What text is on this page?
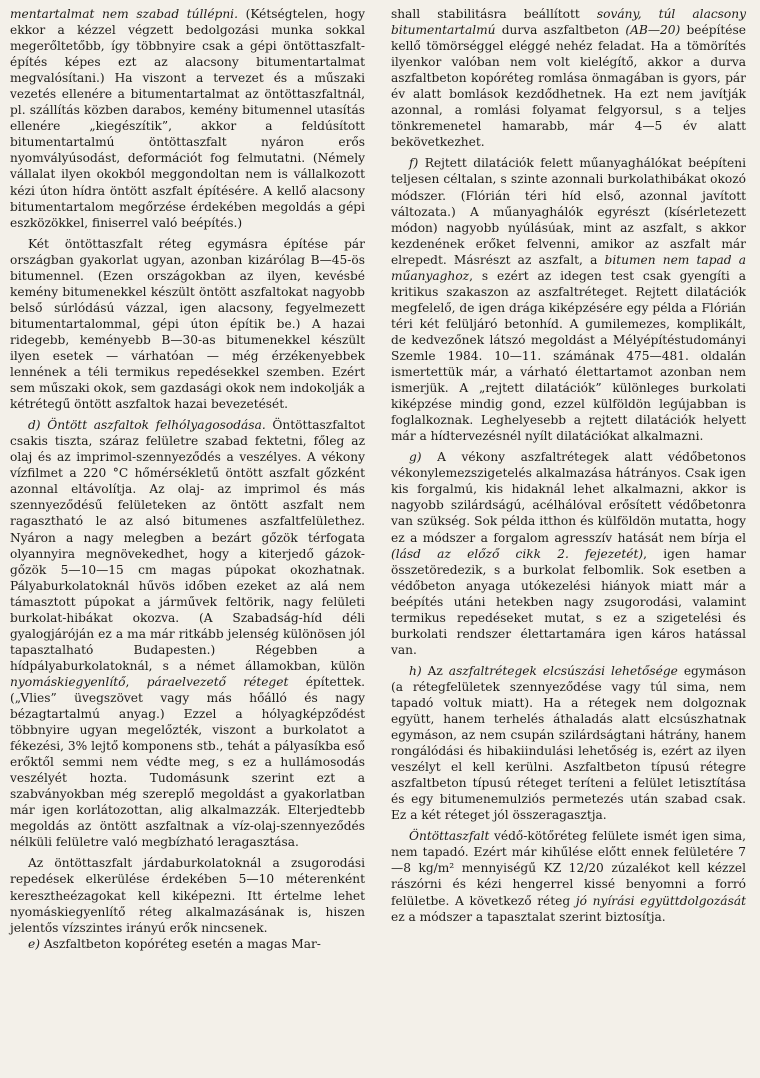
mentartalmat nem szabad túllépni. (Kétségtelen, hogy ekkor a kézzel végzett bedolgozási munka sokkal megerőltetőbb, így többnyire csak a gépi öntöttaszfalt-építés képes ezt az alacsony bitumentartalmat megvalósítani.) Ha viszont a tervezet és a műszaki vezetés ellenére a bitumentartalmat az öntöttaszfaltnál, pl. szállítás közben darabos, kemény bitumennel utasítás ellenére „kiegészítik”, akkor a feldúsított bitumentartalmú öntöttaszfalt nyáron erős nyomvályúsodást, deformációt fog felmutatni. (Némely vállalat ilyen okokból meggondoltan nem is vállalkozott kézi úton hídra öntött aszfalt építésére. A kellő alacsony bitumentartalom megőrzése érdekében megoldás a gépi eszközökkel, finiserrel való beépítés.)

Két öntöttaszfalt réteg egymásra építése pár országban gyakorlat ugyan, azonban kizárólag B—45-ös bitumennel. (Ezen országokban az ilyen, kevésbé kemény bitumenekkel készült öntött aszfaltokat nagyobb belső súrlódású vázzal, igen alacsony, fegyelmezett bitumentartalommal, gépi úton építik be.) A hazai ridegebb, keményebb B—30-as bitumenekkel készült ilyen esetek — várhatóan — még érzékenyebbek lennének a téli termikus repedésekkel szemben. Ezért sem műszaki okok, sem gazdasági okok nem indokolják a kétrétegű öntött aszfaltok hazai bevezetését.

d) Öntött aszfaltok felhólyagosodása. Öntöttaszfaltot csakis tiszta, száraz felületre szabad fektetni, főleg az olaj és az imprimol-szennyeződés a veszélyes. A vékony vízfilmet a 220 °C hőmérsékletű öntött aszfalt gőzként azonnal eltávolítja. Az olaj- az imprimol és más szennyeződésű felületeken az öntött aszfalt nem ragasztható le az alsó bitumenes aszfaltfelülethez. Nyáron a nagy melegben a bezárt gőzök térfogata olyannyira megnövekedhet, hogy a kiterjedő gázok-gőzök 5—10—15 cm magas púpokat okozhatnak. Pályaburkolatoknál hűvös időben ezeket az alá nem támasztott púpokat a járművek feltörik, nagy felületi burkolat-hibákat okozva. (A Szabadság-híd déli gyalogjáróján ez a ma már ritkább jelenség különösen jól tapasztalható Budapesten.) Régebben a hídpályaburkolatoknál, s a német államokban, külön nyomáskiegyenlítő, páraelvezető réteget építettek. („Vlies” üvegszövet vagy más hőálló és nagy bézagtartalmú anyag.) Ezzel a hólyagképződést többnyire ugyan megelőzték, viszont a burkolatot a fékezési, 3% lejtő komponens stb., tehát a pályasíkba eső erőktől semmi nem védte meg, s ez a hullámosodás veszélyét hozta. Tudomásunk szerint ezt a szabványokban még szereplő megoldást a gyakorlatban már igen korlátozottan, alig alkalmazzák. Elterjedtebb megoldás az öntött aszfaltnak a víz-olaj-szennyeződés nélküli felületre való megbízható leragasztása.

Az öntöttaszfalt járdaburkolatoknál a zsugorodási repedések elkerülése érdekében 5—10 méterenként keresztheézagokat kell kiképezni. Itt értelme lehet nyomáskiegyenlítő réteg alkalmazásának is, hiszen jelentős vízszintes irányú erők nincsenek.

e) Aszfaltbeton kopóréteg esetén a magas Mar-

shall stabilitásra beállított sovány, túl alacsony bitumentartalmú durva aszfaltbeton (AB—20) beépítése kellő tömörséggel eléggé nehéz feladat. Ha a tömörítés ilyenkor valóban nem volt kielégítő, akkor a durva aszfaltbeton kopóréteg romlása önmagában is gyors, pár év alatt bomlások kezdődhetnek. Ha ezt nem javítják azonnal, a romlási folyamat felgyorsul, s a teljes tönkremenetel hamarabb, már 4—5 év alatt bekövetkezhet.

f) Rejtett dilatációk felett műanyaghálókat beépíteni teljesen céltalan, s szinte azonnali burkolathibákat okozó módszer. (Flórián téri híd első, azonnal javított változata.) A műanyaghálók egyrészt (kísérletezett módon) nagyobb nyúlásúak, mint az aszfalt, s akkor kezdenének erőket felvenni, amikor az aszfalt már elrepedt. Másrészt az aszfalt, a bitumen nem tapad a műanyaghoz, s ezért az idegen test csak gyengíti a kritikus szakaszon az aszfaltréteget. Rejtett dilatációk megfelelő, de igen drága kiképzésére egy példa a Flórián téri két felüljáró betonhíd. A gumilemezes, komplikált, de kedvezőnek látszó megoldást a Mélyépítéstudományi Szemle 1984. 10—11. számának 475—481. oldalán ismertettük már, a várható élettartamot azonban nem ismerjük. A „rejtett dilatációk” különleges burkolati kiképzése mindig gond, ezzel külföldön legújabban is foglalkoznak. Leghelyesebb a rejtett dilatációk helyett már a hídtervezésnél nyílt dilatációkat alkalmazni.

g) A vékony aszfaltrétegek alatt védőbetonos vékonylemezszigetelés alkalmazása hátrányos. Csak igen kis forgalmú, kis hidaknál lehet alkalmazni, akkor is nagyobb szilárdságú, acélhálóval erősített védőbetonra van szükség. Sok példa itthon és külföldön mutatta, hogy ez a módszer a forgalom agresszív hatását nem bírja el (lásd az előző cikk 2. fejezetét), igen hamar összetöredezik, s a burkolat felbomlik. Sok esetben a védőbeton anyaga utókezelési hiányok miatt már a beépítés utáni hetekben nagy zsugorodási, valamint termikus repedéseket mutat, s ez a szigetelési és burkolati rendszer élettartamára igen káros hatással van.

h) Az aszfaltrétegek elcsúszási lehetősége egymáson (a rétegfelületek szennyeződése vagy túl sima, nem tapadó voltuk miatt). Ha a rétegek nem dolgoznak együtt, hanem terhelés áthaladás alatt elcsúszhatnak egymáson, az nem csupán szilárdságtani hátrány, hanem rongálódási és hibakiindulási lehetőség is, ezért az ilyen veszélyt el kell kerülni. Aszfaltbeton típusú rétegre aszfaltbeton típusú réteget teríteni a felület letisztítása és egy bitumenemulziós permetezés után szabad csak. Ez a két réteget jól összeragasztja.

Öntöttaszfalt védő-kötőréteg felülete ismét igen sima, nem tapadó. Ezért már kihűlése előtt ennek felületére 7—8 kg/m² mennyiségű KZ 12/20 zúzalékot kell kézzel rászórni és kézi hengerrel kissé benyomni a forró felületbe. A következő réteg jó nyírási együttdolgozását ez a módszer a tapasztalat szerint biztosítja.
